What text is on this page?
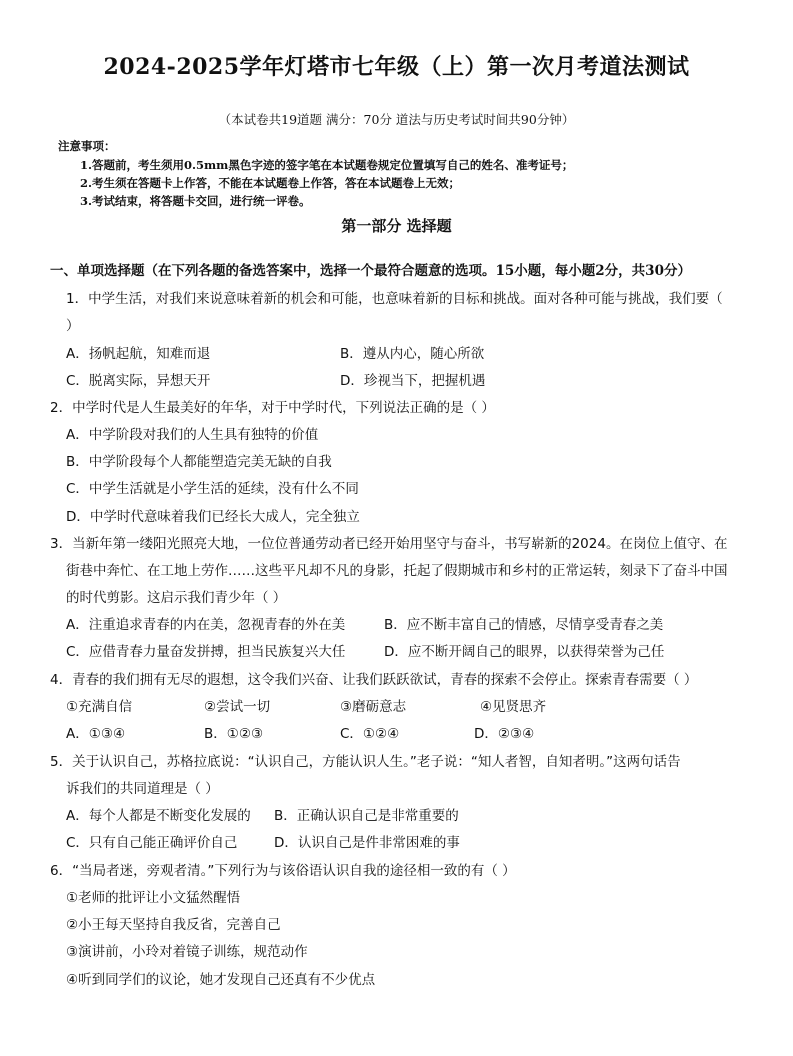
2024-2025学年灯塔市七年级（上）第一次月考道法测试
（本试卷共19道题 满分：70分 道法与历史考试时间共90分钟）
注意事项：
1.答题前，考生须用0.5mm黑色字迹的签字笔在本试题卷规定位置填写自己的姓名、准考证号；
2.考生须在答题卡上作答，不能在本试题卷上作答，答在本试题卷上无效；
3.考试结束，将答题卡交回，进行统一评卷。
第一部分 选择题
一、单项选择题（在下列各题的备选答案中，选择一个最符合题意的选项。15小题，每小题2分，共30分）
1．中学生活，对我们来说意味着新的机会和可能，也意味着新的目标和挑战。面对各种可能与挑战，我们要（
）
A．扬帆起航，知难而退	B．遵从内心，随心所欲
C．脱离实际，异想天开	D．珍视当下，把握机遇
2．中学时代是人生最美好的年华，对于中学时代，下列说法正确的是（ ）
A．中学阶段对我们的人生具有独特的价值
B．中学阶段每个人都能塑造完美无缺的自我
C．中学生活就是小学生活的延续，没有什么不同
D．中学时代意味着我们已经长大成人，完全独立
3．当新年第一缕阳光照亮大地，一位位普通劳动者已经开始用坚守与奋斗，书写崭新的2024。在岗位上值守、在
街巷中奔忙、在工地上劳作……这些平凡却不凡的身影，托起了假期城市和乡村的正常运转，刻录下了奋斗中国
的时代剪影。这启示我们青少年（ ）
A．注重追求青春的内在美，忽视青春的外在美	B．应不断丰富自己的情感，尽情享受青春之美
C．应借青春力量奋发拼搏，担当民族复兴大任	D．应不断开阔自己的眼界，以获得荣誉为己任
4．青春的我们拥有无尽的遐想，这令我们兴奋、让我们跃跃欲试，青春的探索不会停止。探索青春需要（ ）
①充满自信	②尝试一切	③磨砺意志	④见贤思齐
A．①③④	B．①②③	C．①②④	D．②③④
5．关于认识自己，苏格拉底说：“认识自己，方能认识人生。”老子说：“知人者智，自知者明。”这两句话告
诉我们的共同道理是（ ）
A．每个人都是不断变化发展的 B．正确认识自己是非常重要的
C．只有自己能正确评价自己	D．认识自己是件非常困难的事
6．“当局者迷，旁观者清。”下列行为与该俗语认识自我的途径相一致的有（ ）
①老师的批评让小文猛然醒悟
②小王每天坚持自我反省，完善自己
③演讲前，小玲对着镜子训练，规范动作
④听到同学们的议论，她才发现自己还真有不少优点
